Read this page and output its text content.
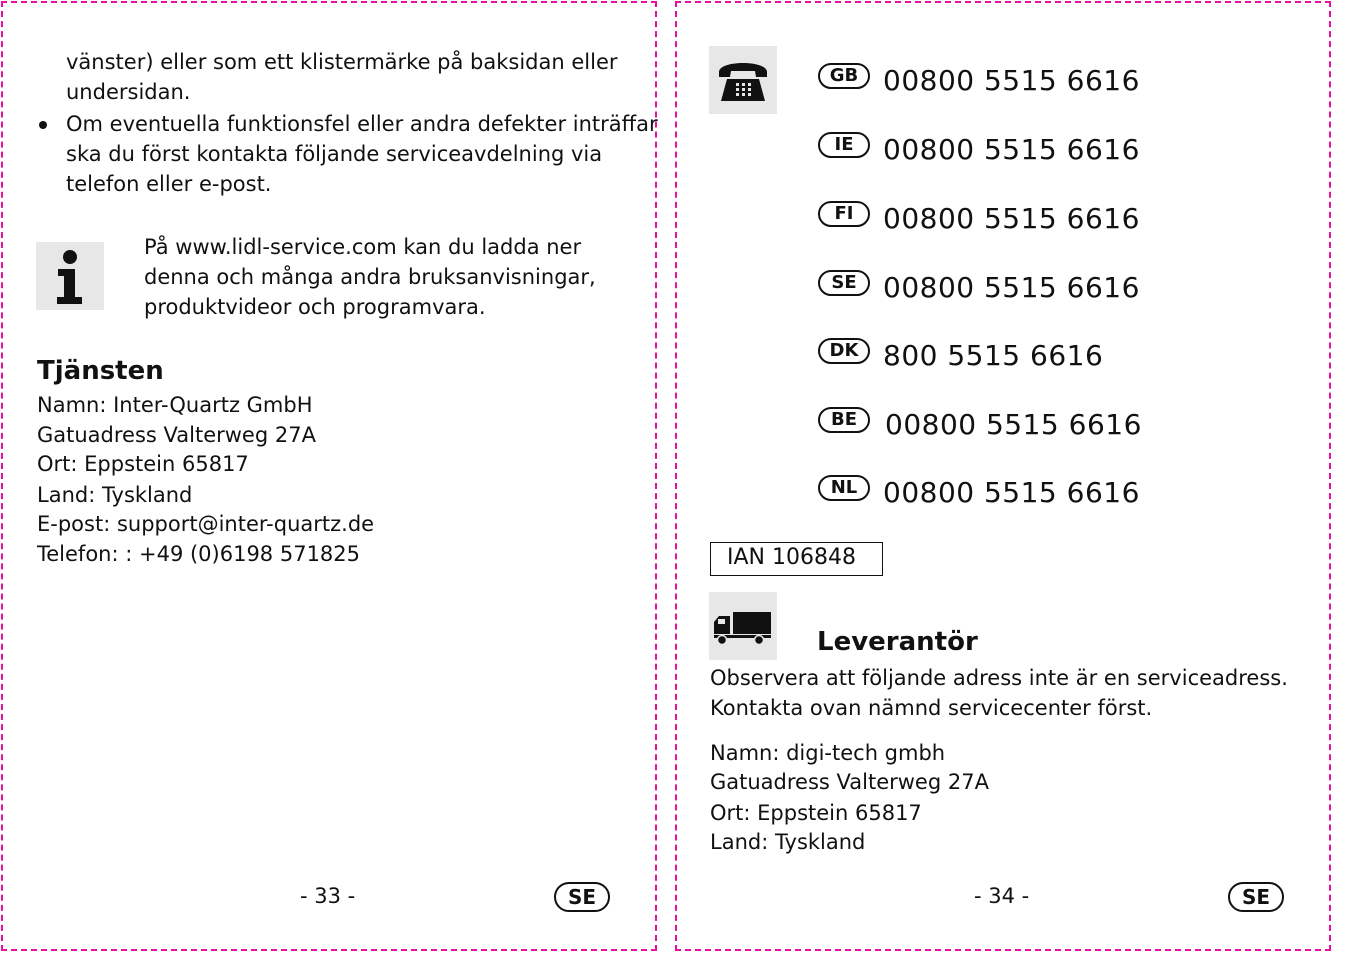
vänster) eller som ett klistermärke på baksidan eller
undersidan.
Om eventuella funktionsfel eller andra defekter inträffar
ska du först kontakta följande serviceavdelning via
telefon eller e-post.
På www.lidl-service.com kan du ladda ner
denna och många andra bruksanvisningar,
produktvideor och programvara.
Tjänsten
Namn: Inter-Quartz GmbH
Gatuadress Valterweg 27A
Ort: Eppstein 65817
Land: Tyskland
E-post: support@inter-quartz.de
Telefon: : +49 (0)6198 571825
- 33 -	SE
GB 00800 5515 6616
IE	00800 5515 6616
FI	00800 5515 6616
SE 00800 5515 6616
DK 800 5515 6616
BE	00800 5515 6616
NL 00800 5515 6616
IAN 106848
Leverantör
Observera att följande adress inte är en serviceadress.
Kontakta ovan nämnd servicecenter först.
Namn: digi-tech gmbh
Gatuadress Valterweg 27A
Ort: Eppstein 65817
Land: Tyskland
- 34 -	SE
